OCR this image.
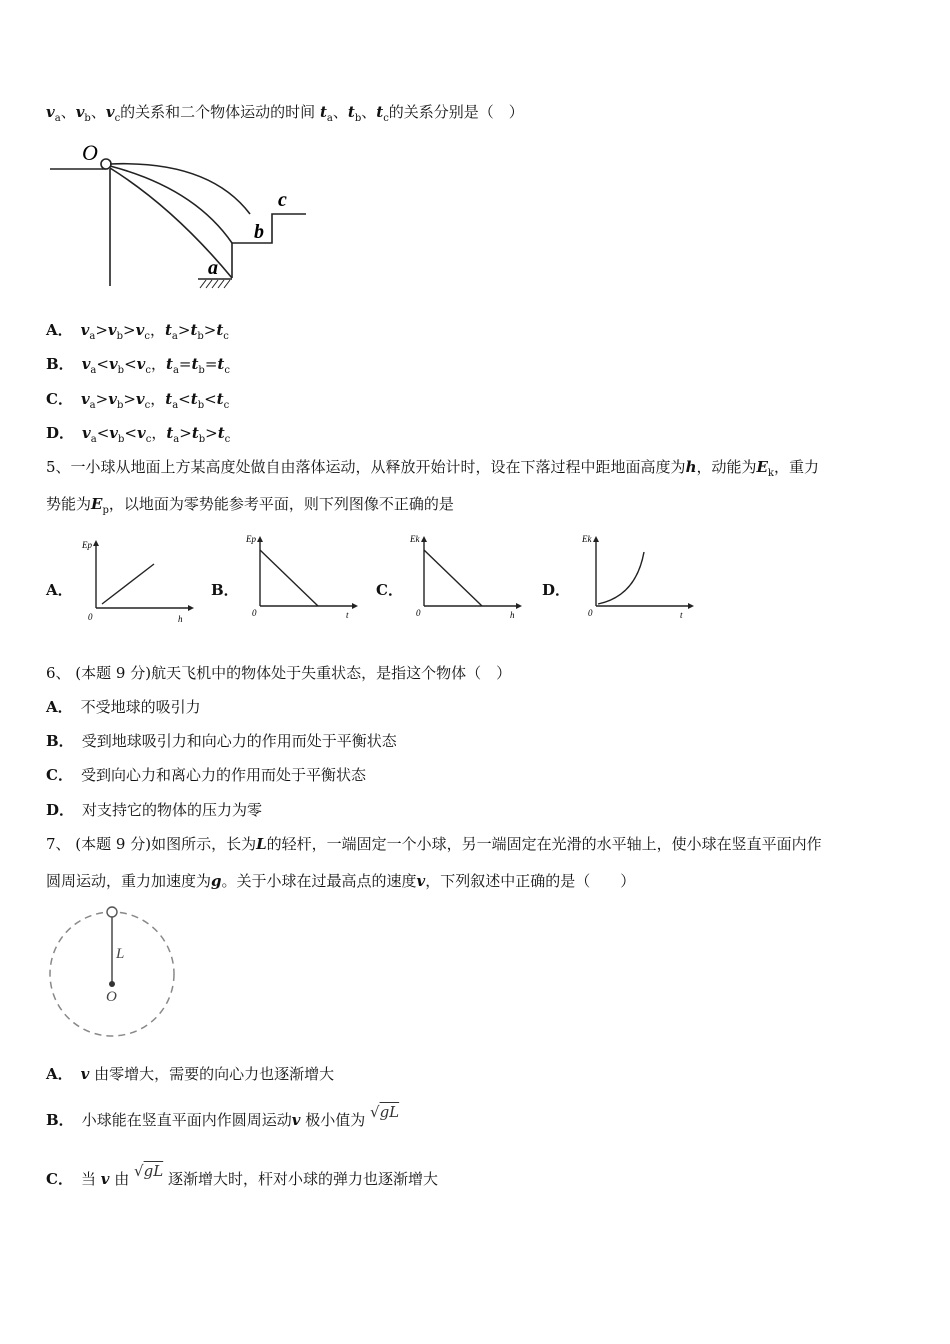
$v_a$、$v_b$、$v_c$的关系和二个物体运动的时间 $t_a$、$t_b$、$t_c$的关系分别是（　）
O
c
b
a
A． $v_a>v_b>v_c$，$t_a>t_b>t_c$
B． $v_a<v_b<v_c$，$t_a=t_b=t_c$
C． $v_a>v_b>v_c$，$t_a<t_b<t_c$
D． $v_a<v_b<v_c$，$t_a>t_b>t_c$
5、一小球从地面上方某高度处做自由落体运动，从释放开始计时，设在下落过程中距地面高度为h，动能为$E_k$，重力
势能为$E_p$，以地面为零势能参考平面，则下列图像不正确的是
A．
Ep
0	h
B．
Ep
0	t
C．
Ek
0	h
D．
Ek
0	t
6、 (本题 9 分)航天飞机中的物体处于失重状态，是指这个物体（　）
A． 不受地球的吸引力
B． 受到地球吸引力和向心力的作用而处于平衡状态
C． 受到向心力和离心力的作用而处于平衡状态
D． 对支持它的物体的压力为零
7、 (本题 9 分)如图所示，长为L的轻杆，一端固定一个小球，另一端固定在光滑的水平轴上，使小球在竖直平面内作
圆周运动，重力加速度为g。关于小球在过最高点的速度v，下列叙述中正确的是（　　）
L
O
A． v 由零增大，需要的向心力也逐渐增大
B． 小球能在竖直平面内作圆周运动v 极小值为 √gL
C． 当 v 由 √gL 逐渐增大时，杆对小球的弹力也逐渐增大
